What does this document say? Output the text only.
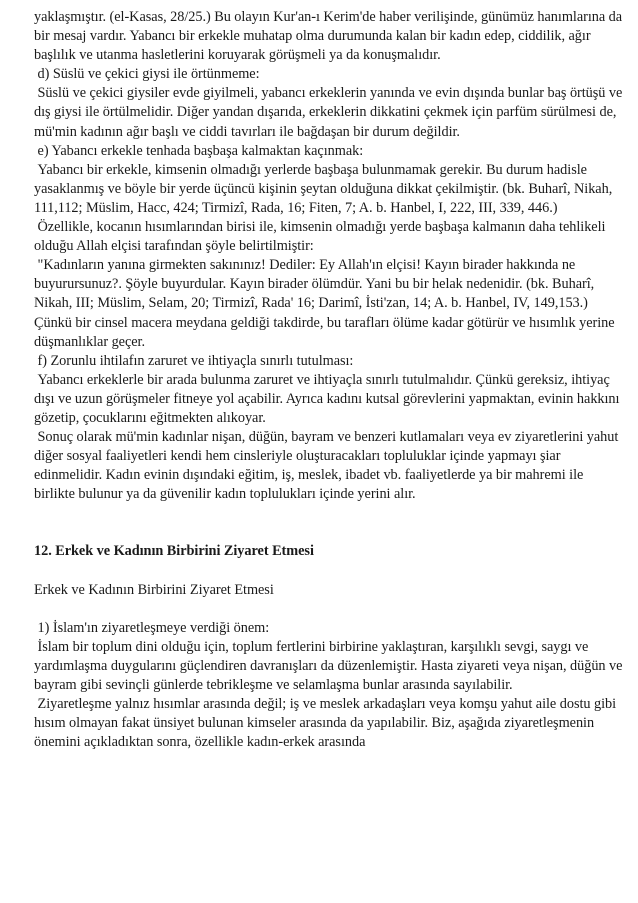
yaklaşmıştır. (el-Kasas, 28/25.) Bu olayın Kur'an-ı Kerim'de haber verilişinde, günümüz hanımlarına da bir mesaj vardır. Yabancı bir erkekle muhatap olma durumunda kalan bir kadın edep, ciddilik, ağır başlılık ve utanma hasletlerini koruyarak görüşmeli ya da konuşmalıdır.

d) Süslü ve çekici giysi ile örtünmeme:

Süslü ve çekici giysiler evde giyilmeli, yabancı erkeklerin yanında ve evin dışında bunlar baş örtüşü ve dış giysi ile örtülmelidir. Diğer yandan dışarıda, erkeklerin dikkatini çekmek için parfüm sürülmesi de, mü'min kadının ağır başlı ve ciddi tavırları ile bağdaşan bir durum değildir.

e) Yabancı erkekle tenhada başbaşa kalmaktan kaçınmak:

Yabancı bir erkekle, kimsenin olmadığı yerlerde başbaşa bulunmamak gerekir. Bu durum hadisle yasaklanmış ve böyle bir yerde üçüncü kişinin şeytan olduğuna dikkat çekilmiştir. (bk. Buharî, Nikah, 111,112; Müslim, Hacc, 424; Tirmizî, Rada, 16; Fiten, 7; A. b. Hanbel, I, 222, III, 339, 446.)

Özellikle, kocanın hısımlarından birisi ile, kimsenin olmadığı yerde başbaşa kalmanın daha tehlikeli olduğu Allah elçisi tarafından şöyle belirtilmiştir:

"Kadınların yanına girmekten sakınınız! Dediler: Ey Allah'ın elçisi! Kayın birader hakkında ne buyurursunuz?. Şöyle buyurdular. Kayın birader ölümdür. Yani bu bir helak nedenidir. (bk. Buharî, Nikah, III; Müslim, Selam, 20; Tirmizî, Rada' 16; Darimî, İsti'zan, 14; A. b. Hanbel, IV, 149,153.) Çünkü bir cinsel macera meydana geldiği takdirde, bu tarafları ölüme kadar götürür ve hısımlık yerine düşmanlıklar geçer.

f) Zorunlu ihtilafın zaruret ve ihtiyaçla sınırlı tutulması:

Yabancı erkeklerle bir arada bulunma zaruret ve ihtiyaçla sınırlı tutulmalıdır. Çünkü gereksiz, ihtiyaç dışı ve uzun görüşmeler fitneye yol açabilir. Ayrıca kadını kutsal görevlerini yapmaktan, evinin hakkını gözetip, çocuklarını eğitmekten alıkoyar.

Sonuç olarak mü'min kadınlar nişan, düğün, bayram ve benzeri kutlamaları veya ev ziyaretlerini yahut diğer sosyal faaliyetleri kendi hem cinsleriyle oluşturacakları topluluklar içinde yapmayı şiar edinmelidir. Kadın evinin dışındaki eğitim, iş, meslek, ibadet vb. faaliyetlerde ya bir mahremi ile birlikte bulunur ya da güvenilir kadın toplulukları içinde yerini alır.

12. Erkek ve Kadının Birbirini Ziyaret Etmesi

Erkek ve Kadının Birbirini Ziyaret Etmesi

1) İslam'ın ziyaretleşmeye verdiği önem:

İslam bir toplum dini olduğu için, toplum fertlerini birbirine yaklaştıran, karşılıklı sevgi, saygı ve yardımlaşma duygularını güçlendiren davranışları da düzenlemiştir. Hasta ziyareti veya nişan, düğün ve bayram gibi sevinçli günlerde tebrikleşme ve selamlaşma bunlar arasında sayılabilir.

Ziyaretleşme yalnız hısımlar arasında değil; iş ve meslek arkadaşları veya komşu yahut aile dostu gibi hısım olmayan fakat ünsiyet bulunan kimseler arasında da yapılabilir. Biz, aşağıda ziyaretleşmenin önemini açıkladıktan sonra, özellikle kadın-erkek arasında
